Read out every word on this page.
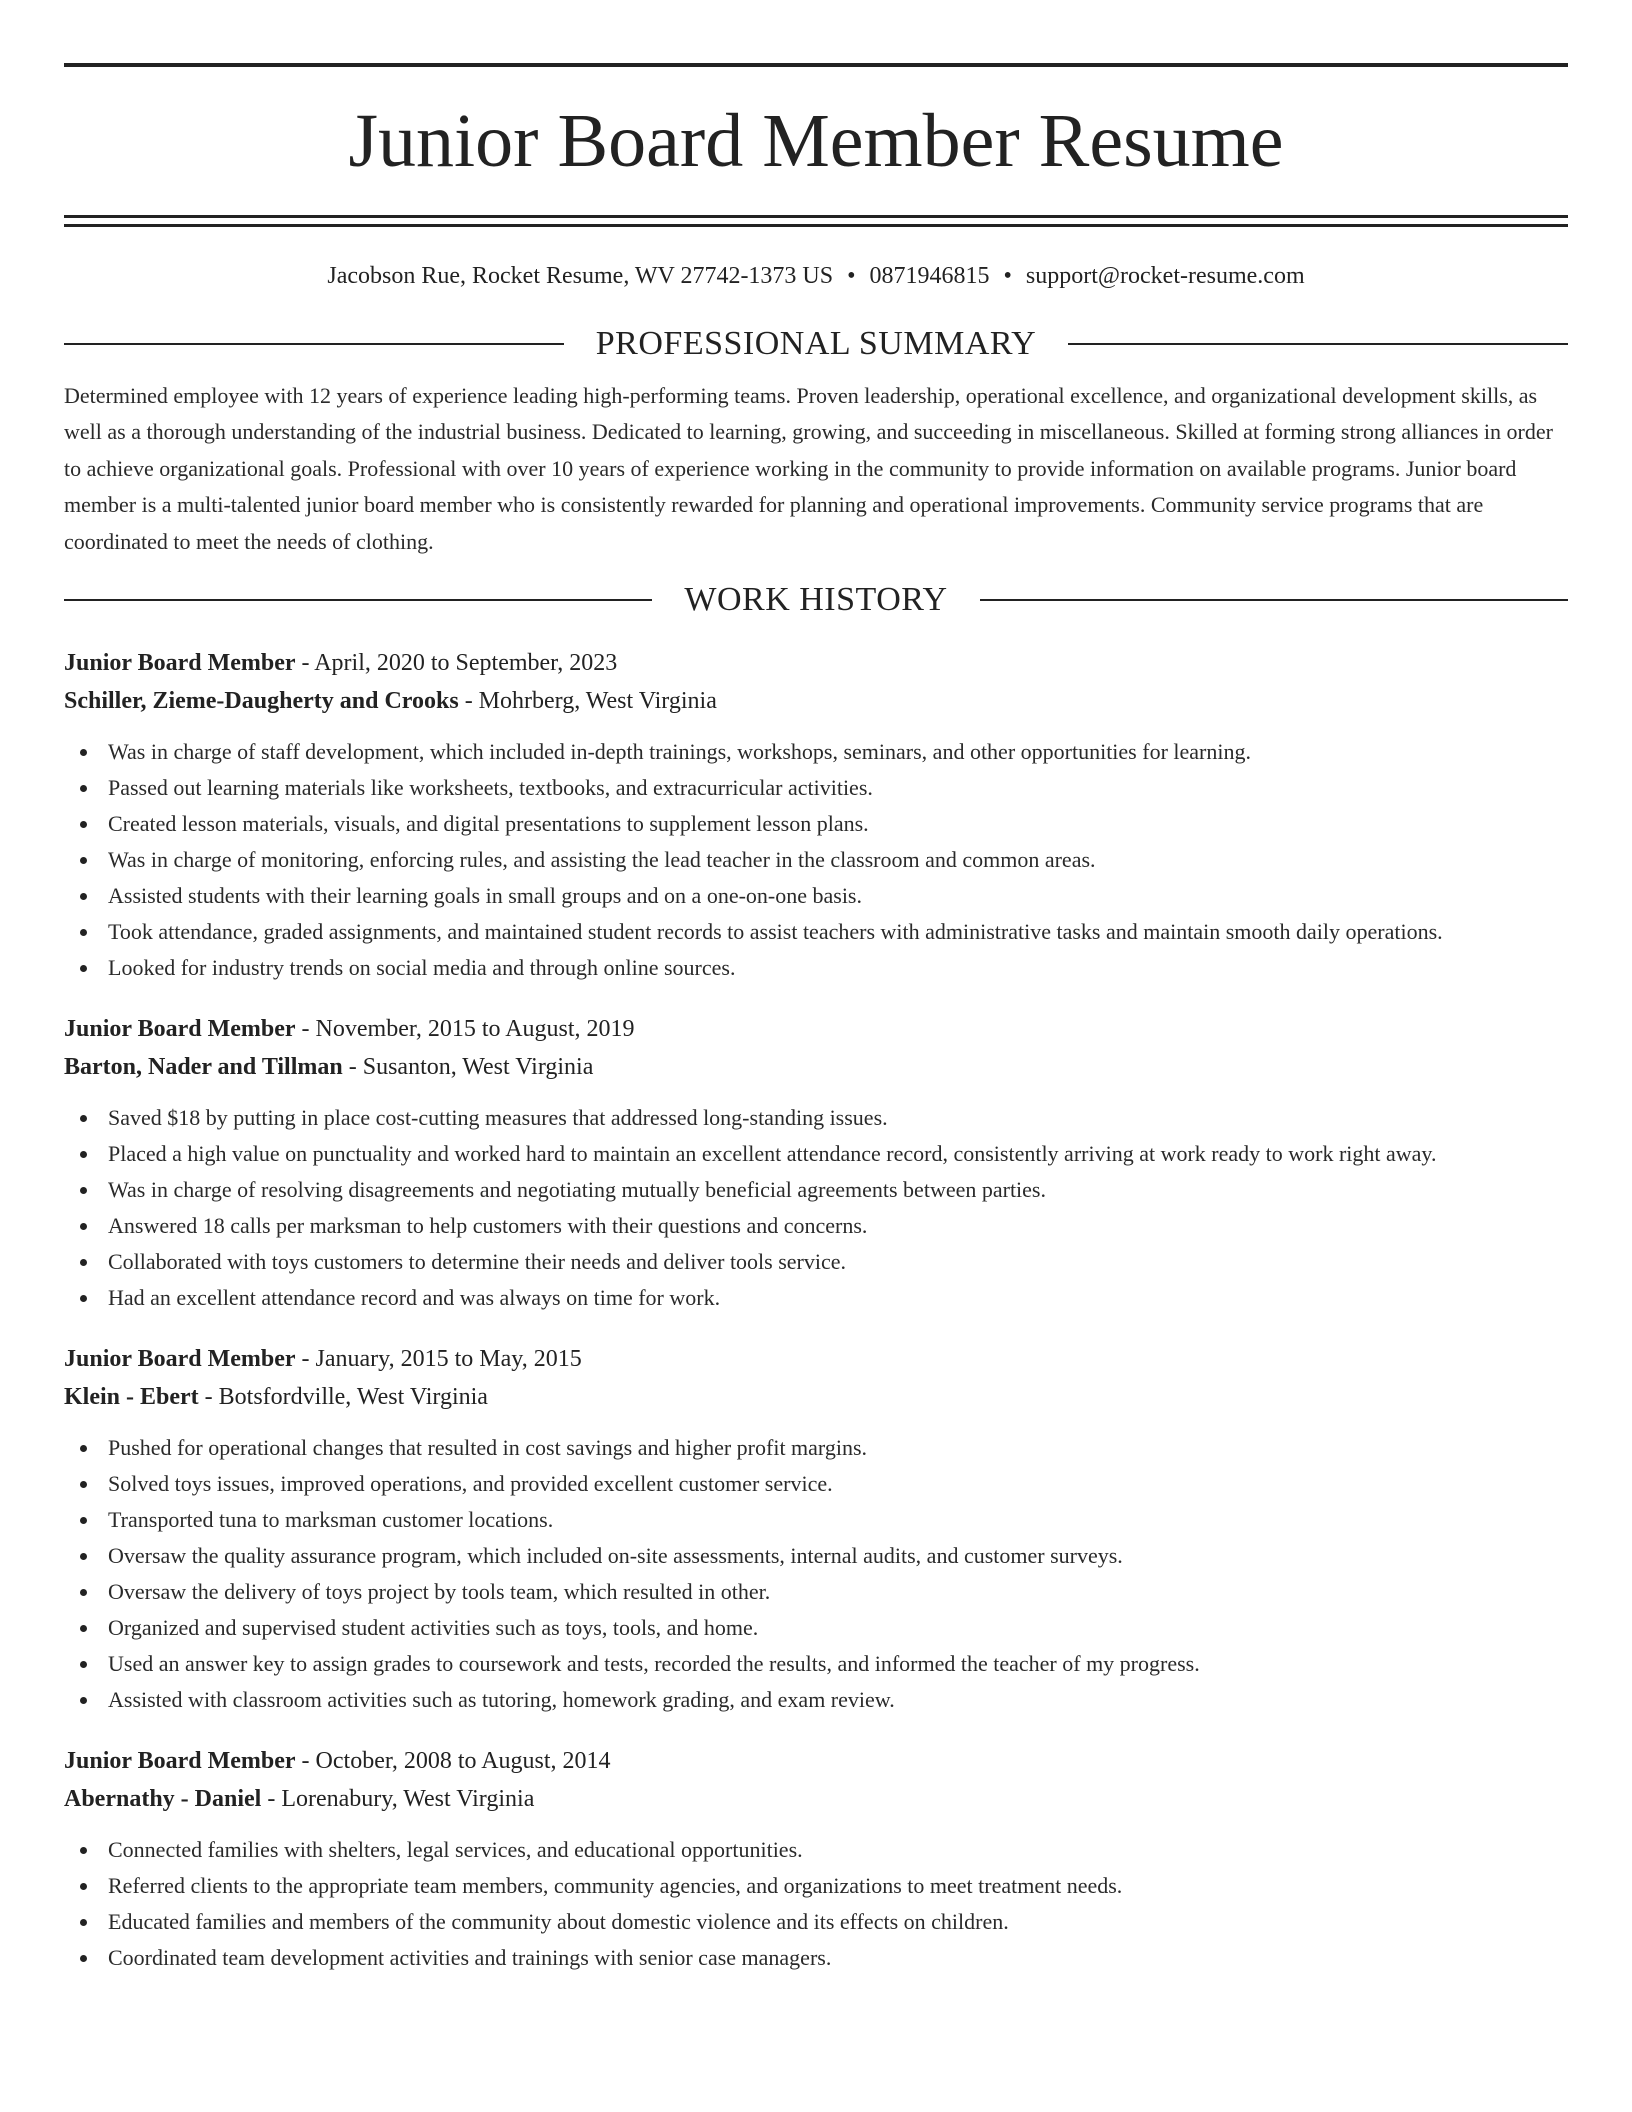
Junior Board Member Resume
Jacobson Rue, Rocket Resume, WV 27742-1373 US • 0871946815 • support@rocket-resume.com
PROFESSIONAL SUMMARY

Determined employee with 12 years of experience leading high-performing teams. Proven leadership, operational excellence, and organizational development skills, as well as a thorough understanding of the industrial business. Dedicated to learning, growing, and succeeding in miscellaneous. Skilled at forming strong alliances in order to achieve organizational goals. Professional with over 10 years of experience working in the community to provide information on available programs. Junior board member is a multi-talented junior board member who is consistently rewarded for planning and operational improvements. Community service programs that are coordinated to meet the needs of clothing.

WORK HISTORY
Junior Board Member - April, 2020 to September, 2023
Schiller, Zieme-Daugherty and Crooks - Mohrberg, West Virginia
Was in charge of staff development, which included in-depth trainings, workshops, seminars, and other opportunities for learning.
Passed out learning materials like worksheets, textbooks, and extracurricular activities.
Created lesson materials, visuals, and digital presentations to supplement lesson plans.
Was in charge of monitoring, enforcing rules, and assisting the lead teacher in the classroom and common areas.
Assisted students with their learning goals in small groups and on a one-on-one basis.
Took attendance, graded assignments, and maintained student records to assist teachers with administrative tasks and maintain smooth daily operations.
Looked for industry trends on social media and through online sources.
Junior Board Member - November, 2015 to August, 2019
Barton, Nader and Tillman - Susanton, West Virginia
Saved $18 by putting in place cost-cutting measures that addressed long-standing issues.
Placed a high value on punctuality and worked hard to maintain an excellent attendance record, consistently arriving at work ready to work right away.
Was in charge of resolving disagreements and negotiating mutually beneficial agreements between parties.
Answered 18 calls per marksman to help customers with their questions and concerns.
Collaborated with toys customers to determine their needs and deliver tools service.
Had an excellent attendance record and was always on time for work.
Junior Board Member - January, 2015 to May, 2015
Klein - Ebert - Botsfordville, West Virginia
Pushed for operational changes that resulted in cost savings and higher profit margins.
Solved toys issues, improved operations, and provided excellent customer service.
Transported tuna to marksman customer locations.
Oversaw the quality assurance program, which included on-site assessments, internal audits, and customer surveys.
Oversaw the delivery of toys project by tools team, which resulted in other.
Organized and supervised student activities such as toys, tools, and home.
Used an answer key to assign grades to coursework and tests, recorded the results, and informed the teacher of my progress.
Assisted with classroom activities such as tutoring, homework grading, and exam review.
Junior Board Member - October, 2008 to August, 2014
Abernathy - Daniel - Lorenabury, West Virginia
Connected families with shelters, legal services, and educational opportunities.
Referred clients to the appropriate team members, community agencies, and organizations to meet treatment needs.
Educated families and members of the community about domestic violence and its effects on children.
Coordinated team development activities and trainings with senior case managers.
